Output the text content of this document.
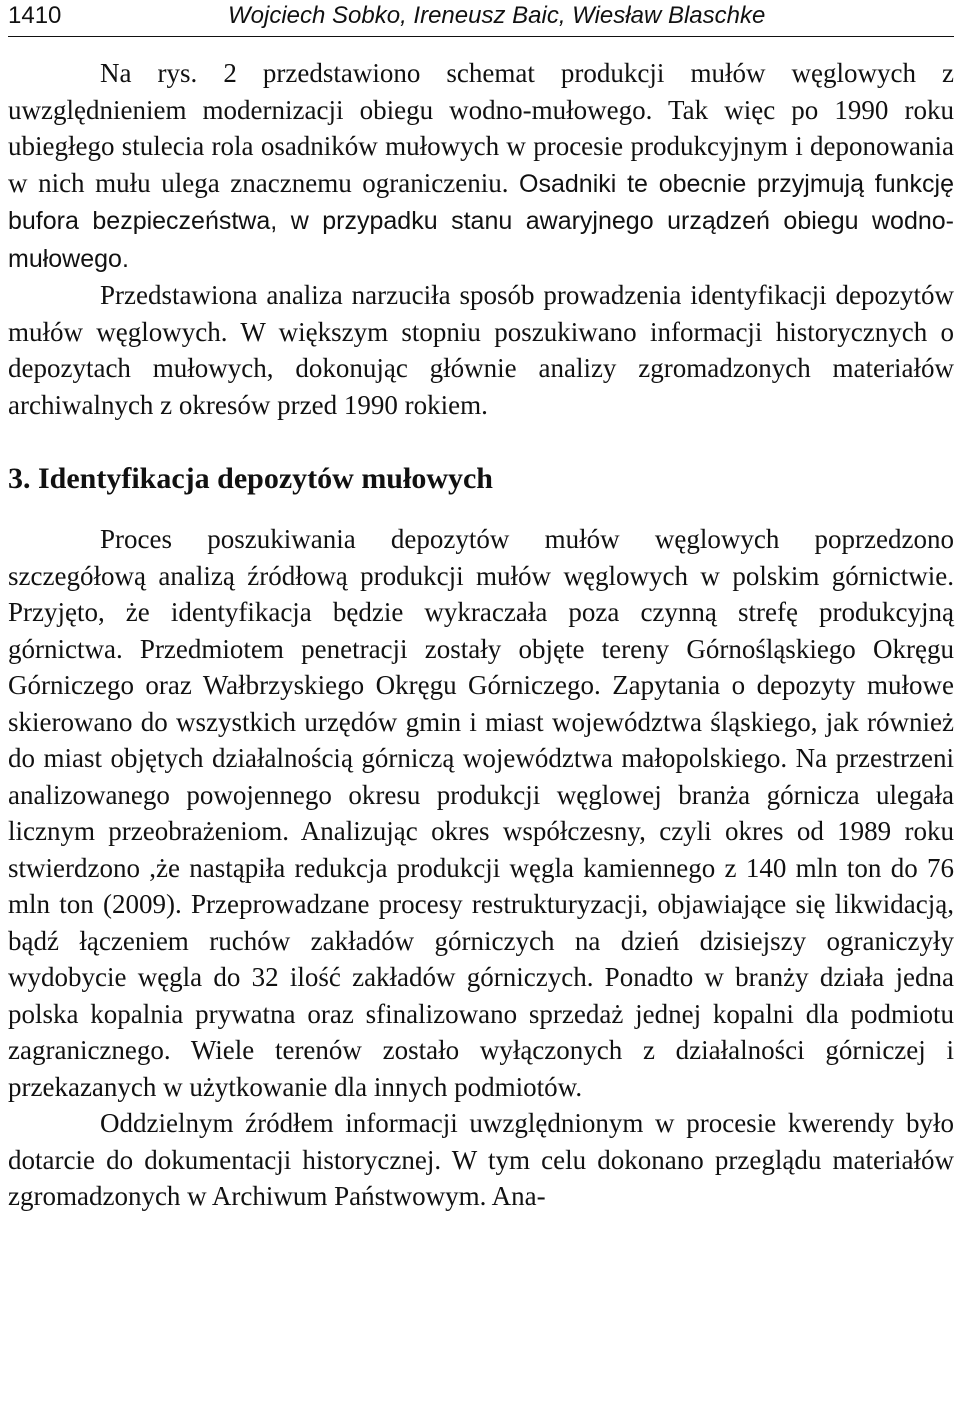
1410	Wojciech Sobko, Ireneusz Baic, Wiesław Blaschke

Na rys. 2 przedstawiono schemat produkcji mułów węglowych z uwzględnieniem modernizacji obiegu wodno-mułowego. Tak więc po 1990 roku ubiegłego stulecia rola osadników mułowych w procesie produkcyjnym i deponowania w nich mułu ulega znacznemu ograniczeniu. Osadniki te obecnie przyjmują funkcję bufora bezpieczeństwa, w przypadku stanu awaryjnego urządzeń obiegu wodno-mułowego.

Przedstawiona analiza narzuciła sposób prowadzenia identyfikacji depozytów mułów węglowych. W większym stopniu poszukiwano informacji historycznych o depozytach mułowych, dokonując głównie analizy zgromadzonych materiałów archiwalnych z okresów przed 1990 rokiem.

3. Identyfikacja depozytów mułowych

Proces poszukiwania depozytów mułów węglowych poprzedzono szczegółową analizą źródłową produkcji mułów węglowych w polskim górnictwie. Przyjęto, że identyfikacja będzie wykraczała poza czynną strefę produkcyjną górnictwa. Przedmiotem penetracji zostały objęte tereny Górnośląskiego Okręgu Górniczego oraz Wałbrzyskiego Okręgu Górniczego. Zapytania o depozyty mułowe skierowano do wszystkich urzędów gmin i miast województwa śląskiego, jak również do miast objętych działalnością górniczą województwa małopolskiego. Na przestrzeni analizowanego powojennego okresu produkcji węglowej branża górnicza ulegała licznym przeobrażeniom. Analizując okres współczesny, czyli okres od 1989 roku stwierdzono ,że nastąpiła redukcja produkcji węgla kamiennego z 140 mln ton do 76 mln ton (2009). Przeprowadzane procesy restrukturyzacji, objawiające się likwidacją, bądź łączeniem ruchów zakładów górniczych na dzień dzisiejszy ograniczyły wydobycie węgla do 32 ilość zakładów górniczych. Ponadto w branży działa jedna polska kopalnia prywatna oraz sfinalizowano sprzedaż jednej kopalni dla podmiotu zagranicznego. Wiele terenów zostało wyłączonych z działalności górniczej i przekazanych w użytkowanie dla innych podmiotów.

Oddzielnym źródłem informacji uwzględnionym w procesie kwerendy było dotarcie do dokumentacji historycznej. W tym celu dokonano przeglądu materiałów zgromadzonych w Archiwum Państwowym. Ana-
